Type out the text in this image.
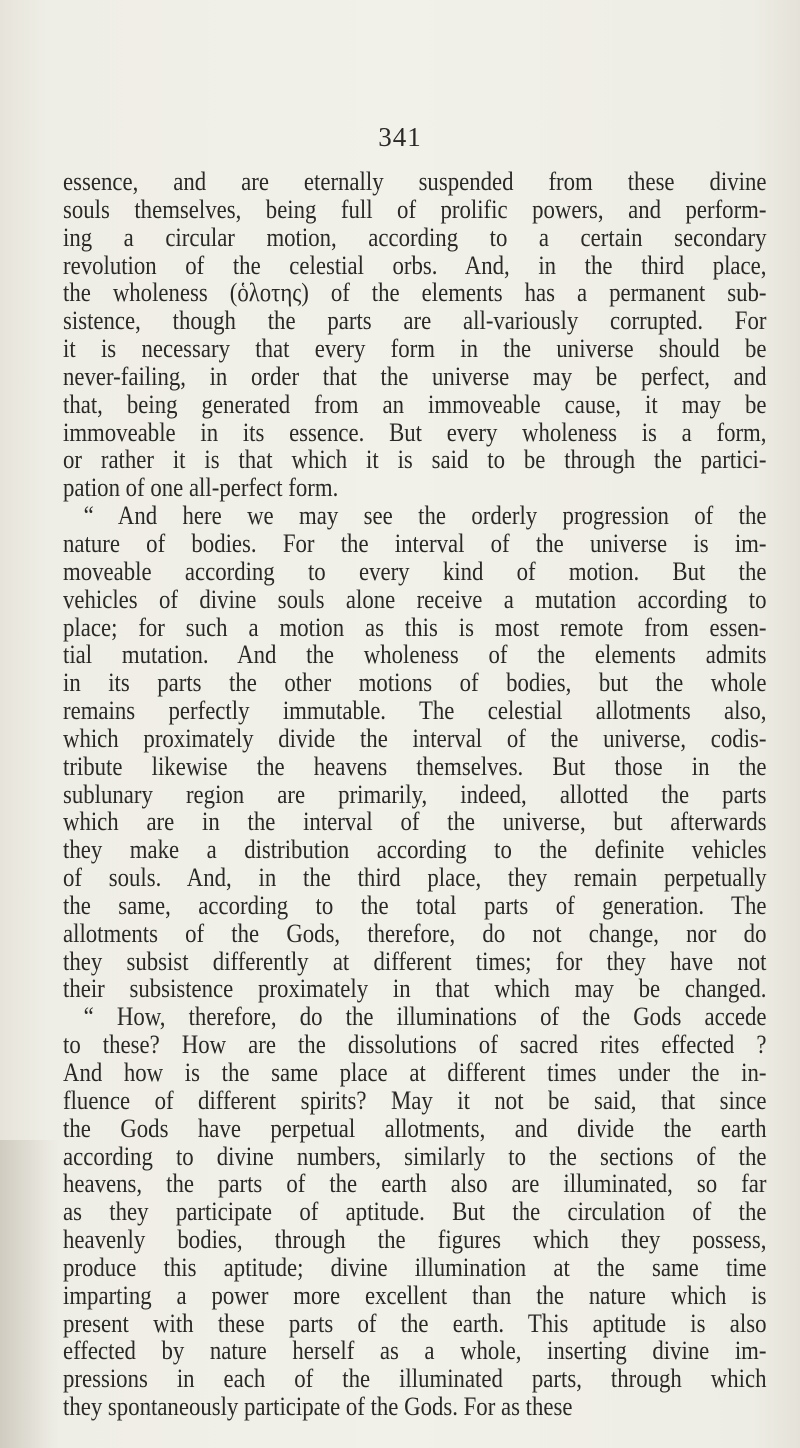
341
essence, and are eternally suspended from these divine
souls themselves, being full of prolific powers, and perform-
ing a circular motion, according to a certain secondary
revolution of the celestial orbs. And, in the third place,
the wholeness (ὁλοτης) of the elements has a permanent sub-
sistence, though the parts are all-variously corrupted. For
it is necessary that every form in the universe should be
never-failing, in order that the universe may be perfect, and
that, being generated from an immoveable cause, it may be
immoveable in its essence. But every wholeness is a form,
or rather it is that which it is said to be through the partici-
pation of one all-perfect form.
“ And here we may see the orderly progression of the
nature of bodies. For the interval of the universe is im-
moveable according to every kind of motion. But the
vehicles of divine souls alone receive a mutation according to
place; for such a motion as this is most remote from essen-
tial mutation. And the wholeness of the elements admits
in its parts the other motions of bodies, but the whole
remains perfectly immutable. The celestial allotments also,
which proximately divide the interval of the universe, codis-
tribute likewise the heavens themselves. But those in the
sublunary region are primarily, indeed, allotted the parts
which are in the interval of the universe, but afterwards
they make a distribution according to the definite vehicles
of souls. And, in the third place, they remain perpetually
the same, according to the total parts of generation. The
allotments of the Gods, therefore, do not change, nor do
they subsist differently at different times; for they have not
their subsistence proximately in that which may be changed.
“ How, therefore, do the illuminations of the Gods accede
to these? How are the dissolutions of sacred rites effected ?
And how is the same place at different times under the in-
fluence of different spirits? May it not be said, that since
the Gods have perpetual allotments, and divide the earth
according to divine numbers, similarly to the sections of the
heavens, the parts of the earth also are illuminated, so far
as they participate of aptitude. But the circulation of the
heavenly bodies, through the figures which they possess,
produce this aptitude; divine illumination at the same time
imparting a power more excellent than the nature which is
present with these parts of the earth. This aptitude is also
effected by nature herself as a whole, inserting divine im-
pressions in each of the illuminated parts, through which
they spontaneously participate of the Gods. For as these
